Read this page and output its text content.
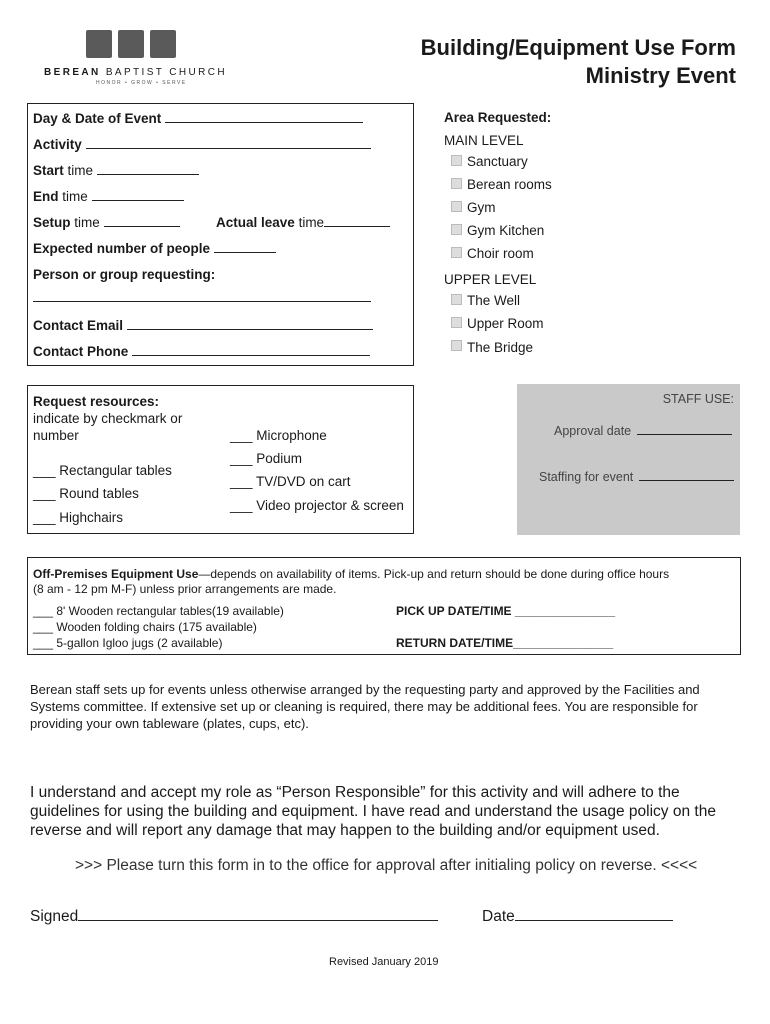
BEREAN BAPTIST CHURCH
HONOR • GROW • SERVE
Building/Equipment Use Form
Ministry Event
Day & Date of Event
Activity
Start time
End time
Setup time	Actual leave time
Expected number of people
Person or group requesting:
Contact Email
Contact Phone
Area Requested:
MAIN LEVEL
Sanctuary
Berean rooms
Gym
Gym Kitchen
Choir room
UPPER LEVEL
The Well
Upper Room
The Bridge
Request resources:
indicate by checkmark or
number
___ Rectangular tables
___ Round tables
___ Highchairs
___ Microphone
___ Podium
___ TV/DVD on cart
___ Video projector & screen
STAFF USE:
Approval date
Staffing for event
Off-Premises Equipment Use—depends on availability of items. Pick-up and return should be done during office hours
(8 am - 12 pm M-F) unless prior arrangements are made.
___ 8' Wooden rectangular tables(19 available)
___ Wooden folding chairs (175 available)
___ 5-gallon Igloo jugs (2 available)
PICK UP DATE/TIME _______________
RETURN DATE/TIME_______________
Berean staff sets up for events unless otherwise arranged by the requesting party and approved by the Facilities and Systems committee. If extensive set up or cleaning is required, there may be additional fees. You are responsible for providing your own tableware (plates, cups, etc).
I understand and accept my role as “Person Responsible” for this activity and will adhere to the guidelines for using the building and equipment. I have read and understand the usage policy on the reverse and will report any damage that may happen to the building and/or equipment used.
>>> Please turn this form in to the office for approval after initialing policy on reverse. <<<<
Signed	Date
Revised January 2019
